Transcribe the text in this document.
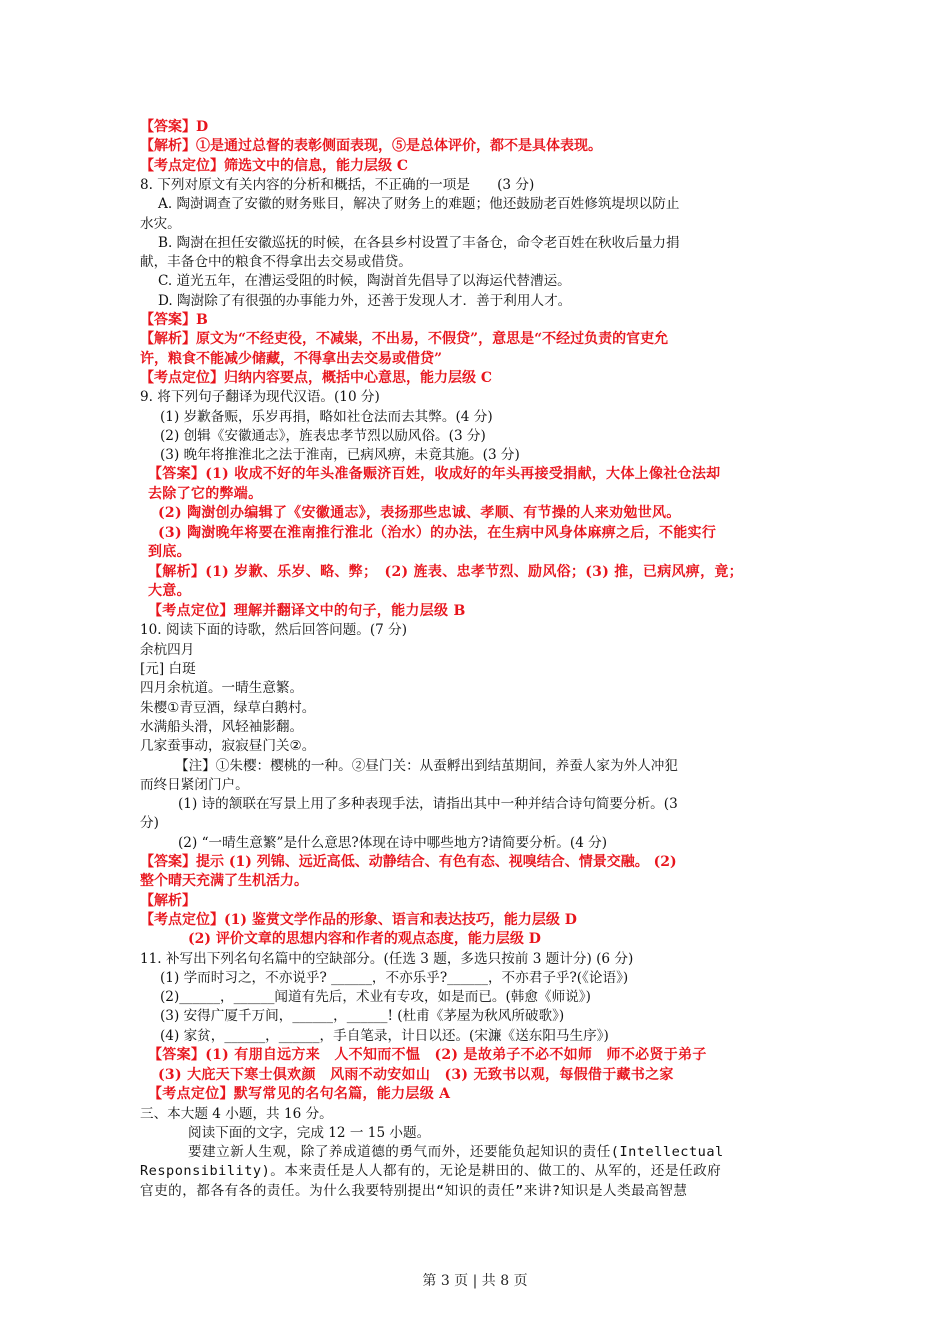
【答案】D
【解析】①是通过总督的表彰侧面表现，⑤是总体评价，都不是具体表现。
【考点定位】筛选文中的信息，能力层级 C
8. 下列对原文有关内容的分析和概括，不正确的一项是　　(3 分)
A. 陶澍调查了安徽的财务账目，解决了财务上的难题；他还鼓励老百姓修筑堤坝以防止
水灾。
B. 陶澍在担任安徽巡抚的时候，在各县乡村设置了丰备仓，命令老百姓在秋收后量力捐
献，丰备仓中的粮食不得拿出去交易或借贷。
C. 道光五年，在漕运受阻的时候，陶澍首先倡导了以海运代替漕运。
D. 陶澍除了有很强的办事能力外，还善于发现人才．善于利用人才。
【答案】B
【解析】原文为“不经吏役，不减粜，不出易，不假贷”，意思是“不经过负责的官吏允
许，粮食不能减少储藏，不得拿出去交易或借贷”
【考点定位】归纳内容要点，概括中心意思，能力层级 C
9. 将下列句子翻译为现代汉语。(10 分)
(1) 岁歉备赈，乐岁再捐，略如社仓法而去其弊。(4 分)
(2) 创辑《安徽通志》，旌表忠孝节烈以励风俗。(3 分)
(3) 晚年将推淮北之法于淮南，已病风痹，未竟其施。(3 分)
【答案】(1) 收成不好的年头准备赈济百姓，收成好的年头再接受捐献，大体上像社仓法却
去除了它的弊端。
(2) 陶澍创办编辑了《安徽通志》，表扬那些忠诚、孝顺、有节操的人来劝勉世风。
(3) 陶澍晚年将要在淮南推行淮北（治水）的办法，在生病中风身体麻痹之后，不能实行
到底。
【解析】(1) 岁歉、乐岁、略、弊；　(2) 旌表、忠孝节烈、励风俗；(3) 推，已病风痹，竟；
大意。
【考点定位】理解并翻译文中的句子，能力层级 B
10. 阅读下面的诗歌，然后回答问题。(7 分)
余杭四月
[元] 白珽
四月余杭道。一晴生意繁。
朱樱①青豆酒，绿草白鹅村。
水满船头滑，风轻袖影翻。
几家蚕事动，寂寂昼门关②。
【注】①朱樱：樱桃的一种。②昼门关：从蚕孵出到结茧期间，养蚕人家为外人冲犯
而终日紧闭门户。
(1) 诗的颔联在写景上用了多种表现手法，请指出其中一种并结合诗句简要分析。(3
分)
(2) “一晴生意繁”是什么意思?体现在诗中哪些地方?请简要分析。(4 分)
【答案】提示 (1) 列锦、远近高低、动静结合、有色有态、视嗅结合、情景交融。 (2)
整个晴天充满了生机活力。
【解析】
【考点定位】(1) 鉴赏文学作品的形象、语言和表达技巧，能力层级 D
(2) 评价文章的思想内容和作者的观点态度，能力层级 D
11. 补写出下列名句名篇中的空缺部分。(任选 3 题，多选只按前 3 题计分) (6 分)
(1) 学而时习之，不亦说乎? ______，不亦乐乎?______，不亦君子乎?(《论语》)
(2)______，______闻道有先后，术业有专攻，如是而已。(韩愈《师说》)
(3) 安得广厦千万间，______，______! (杜甫《茅屋为秋风所破歌》)
(4) 家贫，______，______，手自笔录，计日以还。(宋濂《送东阳马生序》)
【答案】(1) 有朋自远方来　人不知而不愠　(2) 是故弟子不必不如师　师不必贤于弟子
(3) 大庇天下寒士俱欢颜　风雨不动安如山　(3) 无致书以观，每假借于藏书之家
【考点定位】默写常见的名句名篇，能力层级 A
三、本大题 4 小题，共 16 分。
阅读下面的文字，完成 12 一 15 小题。
要建立新人生观，除了养成道德的勇气而外，还要能负起知识的责任(Intellectual
Responsibility)。本来责任是人人都有的，无论是耕田的、做工的、从军的，还是任政府
官吏的，都各有各的责任。为什么我要特别提出“知识的责任”来讲?知识是人类最高智慧
第 3 页 | 共 8 页
